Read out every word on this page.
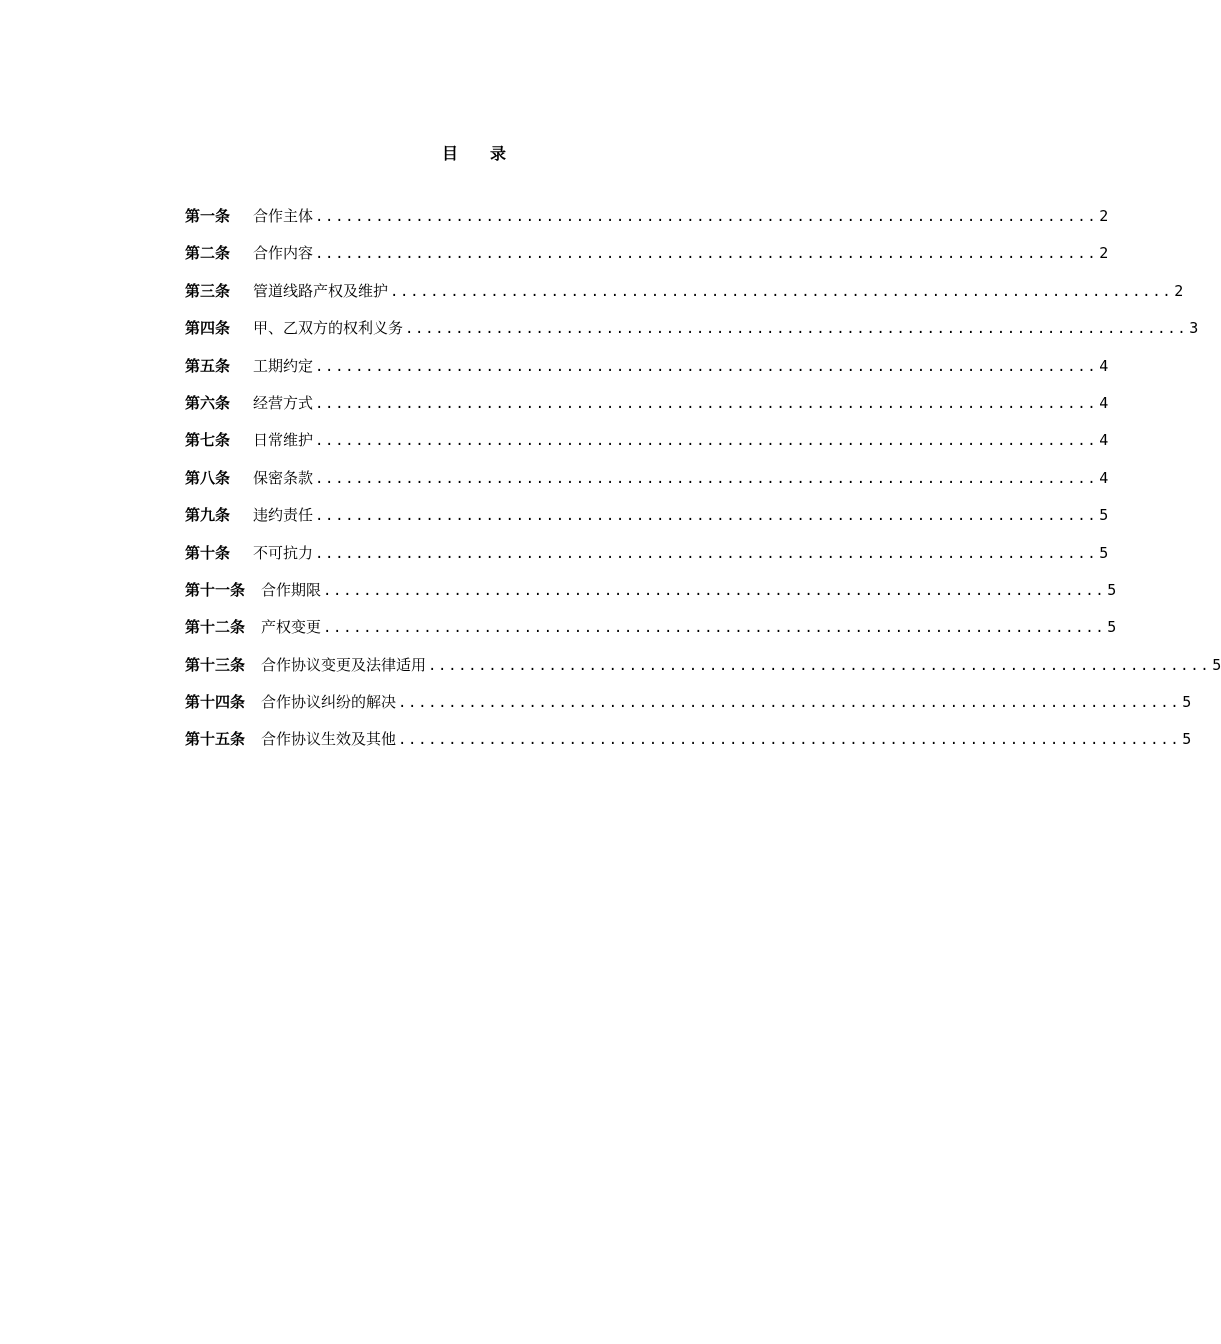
目 录
第一条	合作主体 .............................................................................. 2
第二条	合作内容 .............................................................................. 2
第三条	管道线路产权及维护 .............................................................................. 2
第四条	甲、乙双方的权利义务 .............................................................................. 3
第五条	工期约定 .............................................................................. 4
第六条	经营方式 .............................................................................. 4
第七条	日常维护 .............................................................................. 4
第八条	保密条款 .............................................................................. 4
第九条	违约责任 .............................................................................. 5
第十条	不可抗力 .............................................................................. 5
第十一条	合作期限 .............................................................................. 5
第十二条	产权变更 .............................................................................. 5
第十三条	合作协议变更及法律适用 .............................................................................. 5
第十四条	合作协议纠纷的解决 .............................................................................. 5
第十五条	合作协议生效及其他 .............................................................................. 5
